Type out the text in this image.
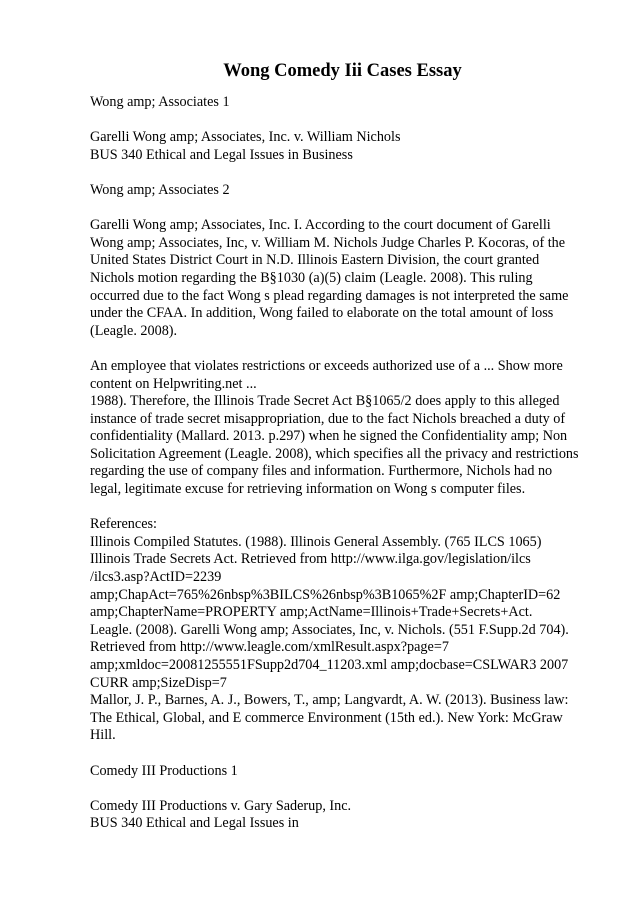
Wong Comedy Iii Cases Essay
Wong amp; Associates 1
Garelli Wong amp; Associates, Inc. v. William Nichols
BUS 340 Ethical and Legal Issues in Business
Wong amp; Associates 2
Garelli Wong amp; Associates, Inc. I. According to the court document of Garelli
Wong amp; Associates, Inc, v. William M. Nichols Judge Charles P. Kocoras, of the
United States District Court in N.D. Illinois Eastern Division, the court granted
Nichols motion regarding the B§1030 (a)(5) claim (Leagle. 2008). This ruling
occurred due to the fact Wong s plead regarding damages is not interpreted the same
under the CFAA. In addition, Wong failed to elaborate on the total amount of loss
(Leagle. 2008).
An employee that violates restrictions or exceeds authorized use of a ... Show more
content on Helpwriting.net ...
1988). Therefore, the Illinois Trade Secret Act B§1065/2 does apply to this alleged
instance of trade secret misappropriation, due to the fact Nichols breached a duty of
confidentiality (Mallard. 2013. p.297) when he signed the Confidentiality amp; Non
Solicitation Agreement (Leagle. 2008), which specifies all the privacy and restrictions
regarding the use of company files and information. Furthermore, Nichols had no
legal, legitimate excuse for retrieving information on Wong s computer files.
References:
Illinois Compiled Statutes. (1988). Illinois General Assembly. (765 ILCS 1065)
Illinois Trade Secrets Act. Retrieved from http://www.ilga.gov/legislation/ilcs
/ilcs3.asp?ActID=2239
amp;ChapAct=765%26nbsp%3BILCS%26nbsp%3B1065%2F amp;ChapterID=62
amp;ChapterName=PROPERTY amp;ActName=Illinois+Trade+Secrets+Act.
Leagle. (2008). Garelli Wong amp; Associates, Inc, v. Nichols. (551 F.Supp.2d 704).
Retrieved from http://www.leagle.com/xmlResult.aspx?page=7
amp;xmldoc=20081255551FSupp2d704_11203.xml amp;docbase=CSLWAR3 2007
CURR amp;SizeDisp=7
Mallor, J. P., Barnes, A. J., Bowers, T., amp; Langvardt, A. W. (2013). Business law:
The Ethical, Global, and E commerce Environment (15th ed.). New York: McGraw
Hill.
Comedy III Productions 1
Comedy III Productions v. Gary Saderup, Inc.
BUS 340 Ethical and Legal Issues in
